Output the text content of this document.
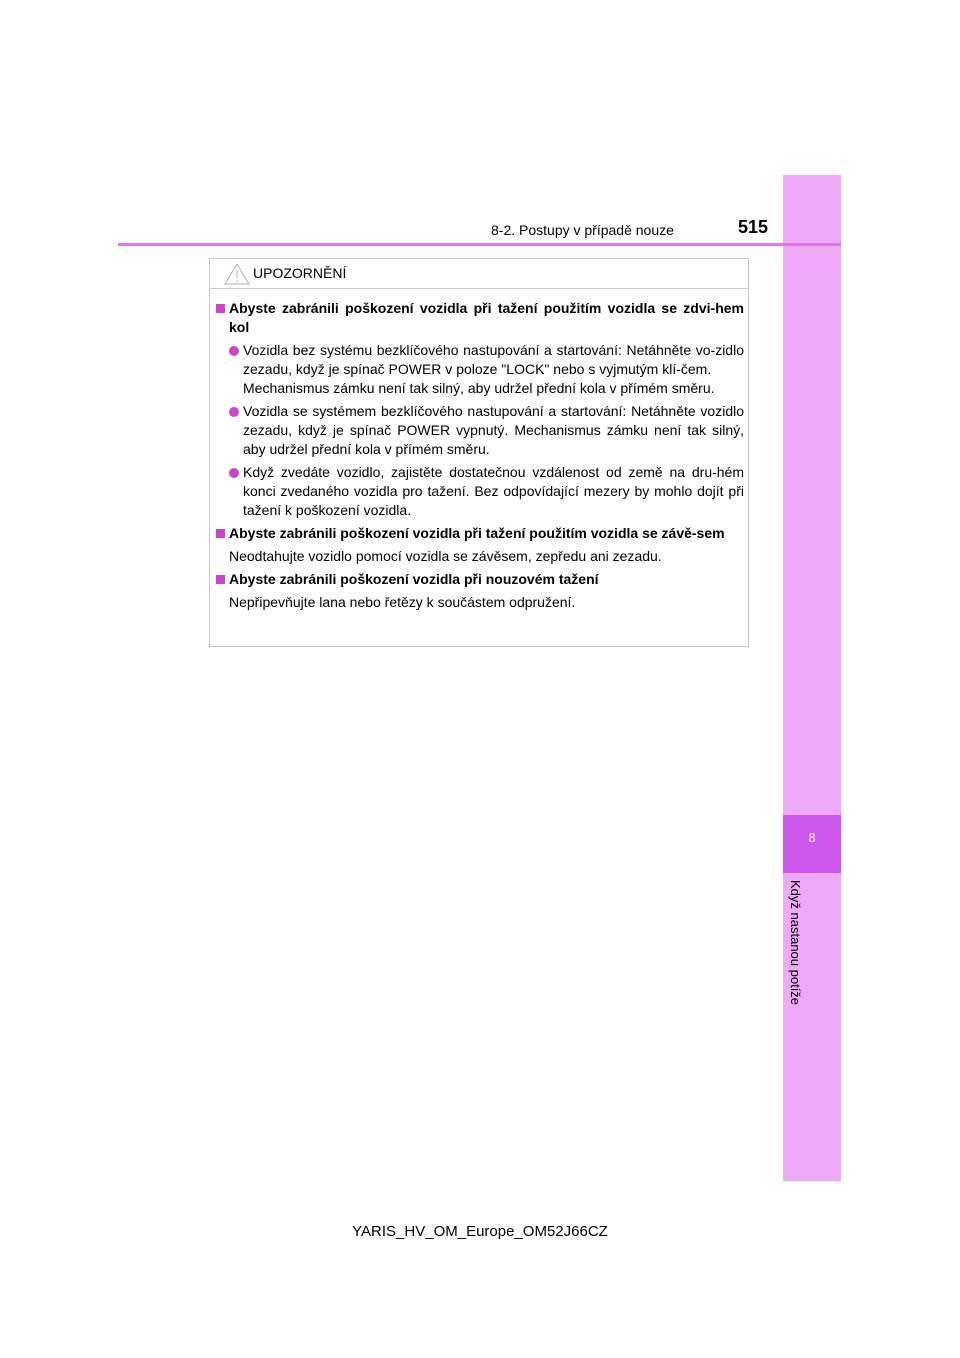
8
Když nastanou potíže
8-2. Postupy v případě nouze	515
UPOZORNĚNÍ
Abyste zabránili poškození vozidla při tažení použitím vozidla se zdvi-hem kol
Vozidla bez systému bezklíčového nastupování a startování: Netáhněte vo-zidlo zezadu, když je spínač POWER v poloze "LOCK" nebo s vyjmutým klí-čem.
Mechanismus zámku není tak silný, aby udržel přední kola v přímém směru.
Vozidla se systémem bezklíčového nastupování a startování: Netáhněte vozidlo zezadu, když je spínač POWER vypnutý. Mechanismus zámku není tak silný, aby udržel přední kola v přímém směru.
Když zvedáte vozidlo, zajistěte dostatečnou vzdálenost od země na dru-hém konci zvedaného vozidla pro tažení. Bez odpovídající mezery by mohlo dojít při tažení k poškození vozidla.
Abyste zabránili poškození vozidla při tažení použitím vozidla se závě-sem
Neodtahujte vozidlo pomocí vozidla se závěsem, zepředu ani zezadu.
Abyste zabránili poškození vozidla při nouzovém tažení
Nepřipevňujte lana nebo řetězy k součástem odpružení.
YARIS_HV_OM_Europe_OM52J66CZ
